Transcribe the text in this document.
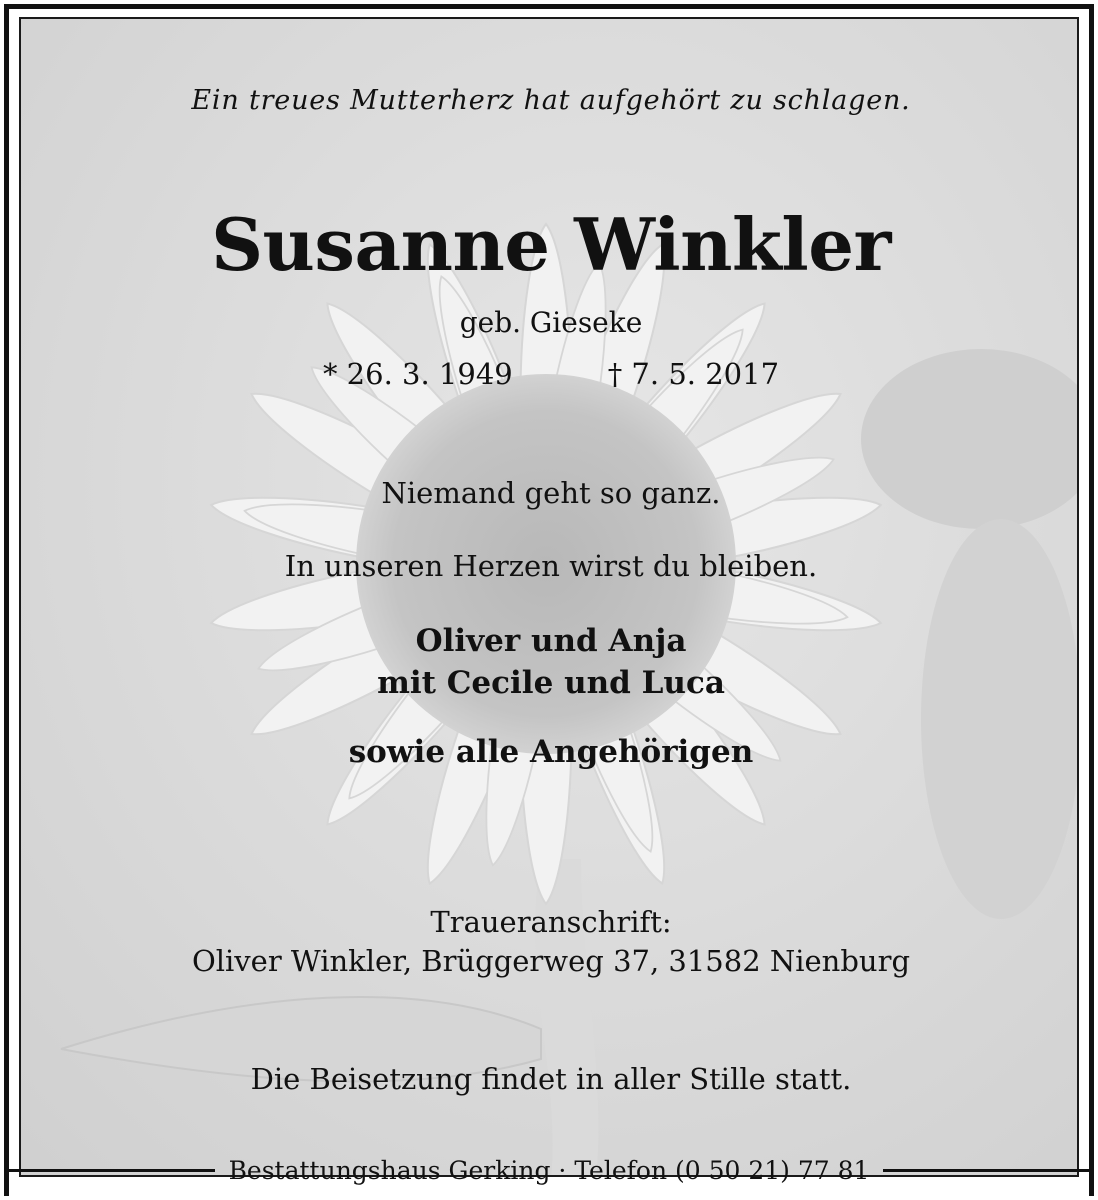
Ein treues Mutterherz hat aufgehört zu schlagen.

Susanne Winkler

geb. Gieseke

* 26. 3. 1949	† 7. 5. 2017

Niemand geht so ganz.

In unseren Herzen wirst du bleiben.

Oliver und Anja

mit Cecile und Luca

sowie alle Angehörigen

Traueranschrift:

Oliver Winkler, Brüggerweg 37, 31582 Nienburg

Die Beisetzung findet in aller Stille statt.

Bestattungshaus Gerking · Telefon (0 50 21) 77 81
